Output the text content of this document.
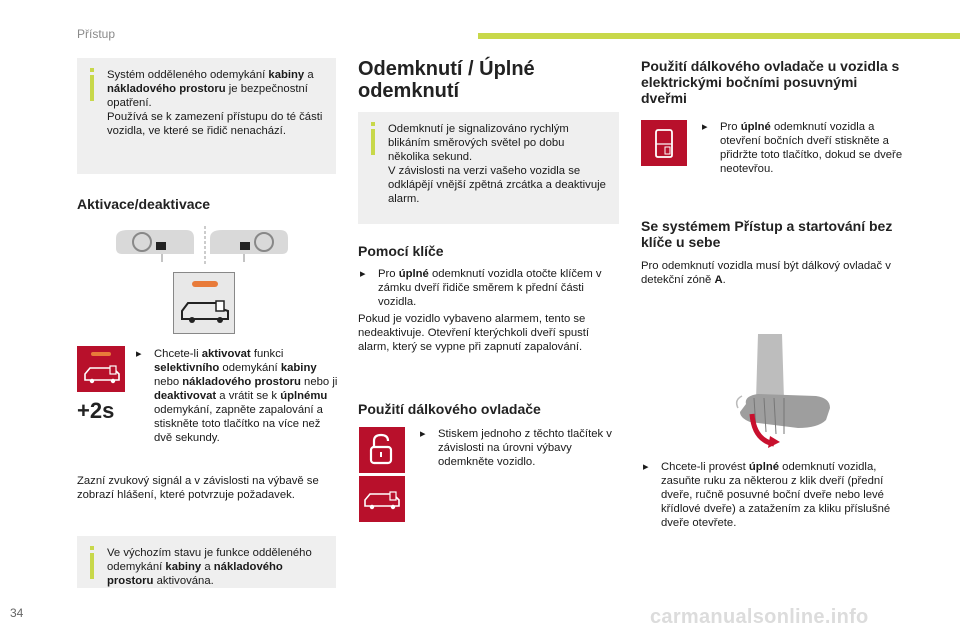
Přístup

Systém odděleného odemykání kabiny a nákladového prostoru je bezpečnostní opatření.

Používá se k zamezení přístupu do té části vozidla, ve které se řidič nenachází.

Aktivace/deaktivace
+2s
▸ Chcete-li aktivovat funkci selektivního odemykání kabiny nebo nákladového prostoru nebo ji deaktivovat a vrátit se k úplnému odemykání, zapněte zapalování a stiskněte toto tlačítko na více než dvě sekundy.
Zazní zvukový signál a v závislosti na výbavě se zobrazí hlášení, které potvrzuje požadavek.

Ve výchozím stavu je funkce odděleného odemykání kabiny a nákladového prostoru aktivována.

Odemknutí / Úplné odemknutí

Odemknutí je signalizováno rychlým blikáním směrových světel po dobu několika sekund.

V závislosti na verzi vašeho vozidla se odklápějí vnější zpětná zrcátka a deaktivuje alarm.

Pomocí klíče
▸ Pro úplné odemknutí vozidla otočte klíčem v zámku dveří řidiče směrem k přední části vozidla.
Pokud je vozidlo vybaveno alarmem, tento se nedeaktivuje. Otevření kterýchkoli dveří spustí alarm, který se vypne při zapnutí zapalování.
Použití dálkového ovladače
▸ Stiskem jednoho z těchto tlačítek v závislosti na úrovni výbavy odemkněte vozidlo.
Použití dálkového ovladače u vozidla s elektrickými bočními posuvnými dveřmi
▸ Pro úplné odemknutí vozidla a otevření bočních dveří stiskněte a přidržte toto tlačítko, dokud se dveře neotevřou.
Se systémem Přístup a startování bez klíče u sebe
Pro odemknutí vozidla musí být dálkový ovladač v detekční zóně A.
▸ Chcete-li provést úplné odemknutí vozidla, zasuňte ruku za některou z klik dveří (přední dveře, ručně posuvné boční dveře nebo levé křídlové dveře) a zatažením za kliku příslušné dveře otevřete.
34	carmanualsonline.info
